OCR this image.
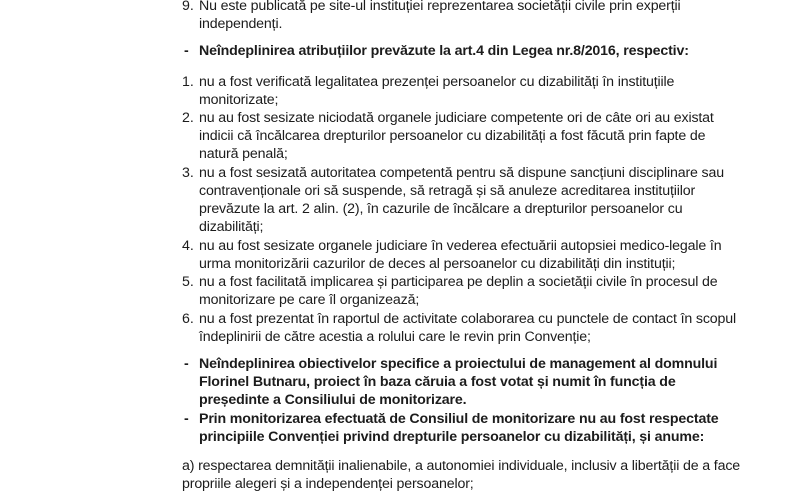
9. Nu este publicată pe site-ul instituției reprezentarea societății civile prin experții

independenți.

- Neîndeplinirea atribuțiilor prevăzute la art.4 din Legea nr.8/2016, respectiv:

1. nu a fost verificată legalitatea prezenței persoanelor cu dizabilități în instituțiile

monitorizate;

2. nu au fost sesizate niciodată organele judiciare competente ori de câte ori au existat

indicii că încălcarea drepturilor persoanelor cu dizabilități a fost făcută prin fapte de

natură penală;

3. nu a fost sesizată autoritatea competentă pentru să dispune sancțiuni disciplinare sau

contravenționale ori să suspende, să retragă și să anuleze acreditarea instituțiilor

prevăzute la art. 2 alin. (2), în cazurile de încălcare a drepturilor persoanelor cu

dizabilități;

4. nu au fost sesizate organele judiciare în vederea efectuării autopsiei medico-legale în

urma monitorizării cazurilor de deces al persoanelor cu dizabilități din instituții;

5. nu a fost facilitată implicarea și participarea pe deplin a societății civile în procesul de

monitorizare pe care îl organizează;

6. nu a fost prezentat în raportul de activitate colaborarea cu punctele de contact în scopul

îndeplinirii de către acestia a rolului care le revin prin Convenție;

- Neîndeplinirea obiectivelor specifice a proiectului de management al domnului

Florinel Butnaru, proiect în baza căruia a fost votat și numit în funcția de

președinte a Consiliului de monitorizare.

- Prin monitorizarea efectuată de Consiliul de monitorizare nu au fost respectate

principiile Convenției privind drepturile persoanelor cu dizabilități, și anume:

a) respectarea demnității inalienabile, a autonomiei individuale, inclusiv a libertății de a face

propriile alegeri și a independenței persoanelor;
